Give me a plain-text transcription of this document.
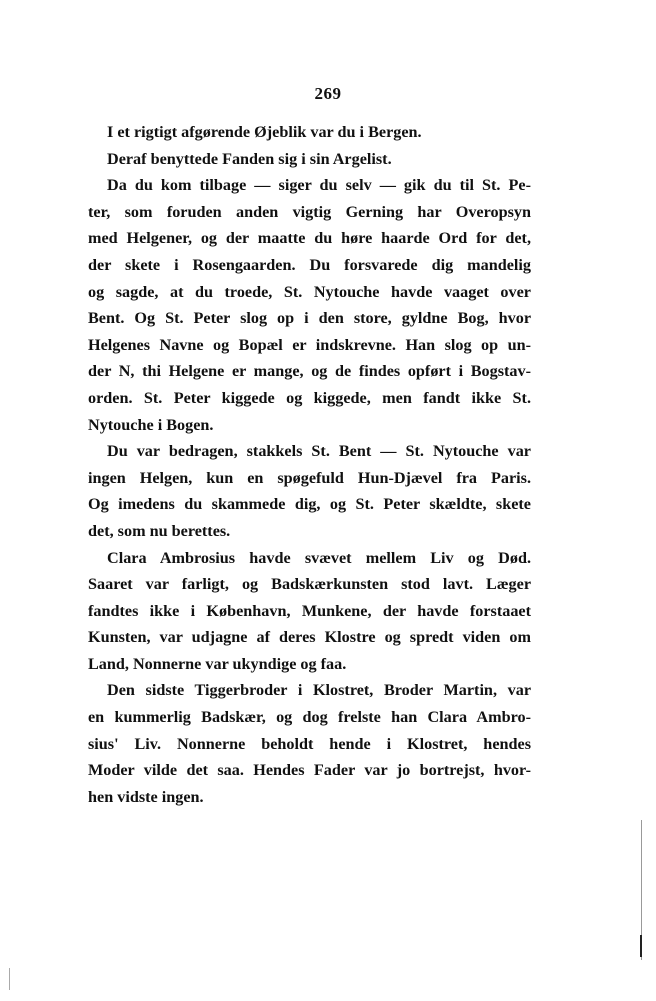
269
I et rigtigt afgørende Øjeblik var du i Bergen.
Deraf benyttede Fanden sig i sin Argelist.
Da du kom tilbage — siger du selv — gik du til St. Pe-
ter, som foruden anden vigtig Gerning har Overopsyn
med Helgener, og der maatte du høre haarde Ord for det,
der skete i Rosengaarden. Du forsvarede dig mandelig
og sagde, at du troede, St. Nytouche havde vaaget over
Bent. Og St. Peter slog op i den store, gyldne Bog, hvor
Helgenes Navne og Bopæl er indskrevne. Han slog op un-
der N, thi Helgene er mange, og de findes opført i Bogstav-
orden. St. Peter kiggede og kiggede, men fandt ikke St.
Nytouche i Bogen.
Du var bedragen, stakkels St. Bent — St. Nytouche var
ingen Helgen, kun en spøgefuld Hun-Djævel fra Paris.
Og imedens du skammede dig, og St. Peter skældte, skete
det, som nu berettes.
Clara Ambrosius havde svævet mellem Liv og Død.
Saaret var farligt, og Badskærkunsten stod lavt. Læger
fandtes ikke i København, Munkene, der havde forstaaet
Kunsten, var udjagne af deres Klostre og spredt viden om
Land, Nonnerne var ukyndige og faa.
Den sidste Tiggerbroder i Klostret, Broder Martin, var
en kummerlig Badskær, og dog frelste han Clara Ambro-
sius' Liv. Nonnerne beholdt hende i Klostret, hendes
Moder vilde det saa. Hendes Fader var jo bortrejst, hvor-
hen vidste ingen.
